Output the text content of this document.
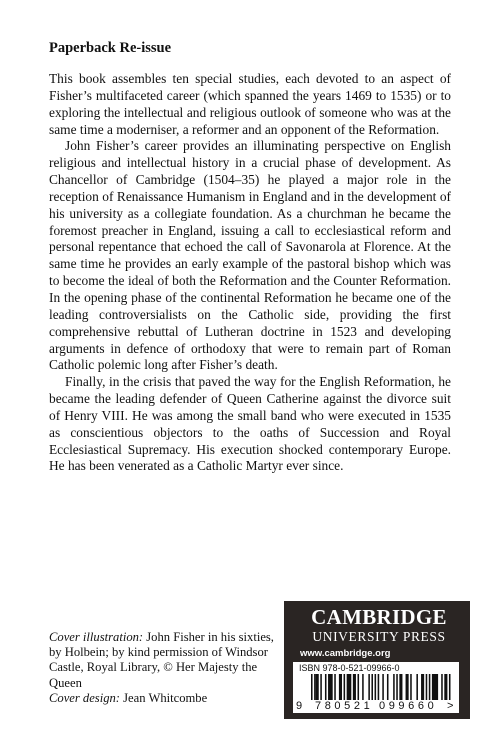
Paperback Re-issue

This book assembles ten special studies, each devoted to an aspect of Fisher’s multifaceted career (which spanned the years 1469 to 1535) or to exploring the intellectual and religious outlook of someone who was at the same time a moderniser, a reformer and an opponent of the Reformation.

John Fisher’s career provides an illuminating perspective on English religious and intellectual history in a crucial phase of development. As Chancellor of Cambridge (1504–35) he played a major role in the reception of Renaissance Humanism in England and in the development of his university as a collegiate foundation. As a churchman he became the foremost preacher in England, issuing a call to ecclesiastical reform and personal repentance that echoed the call of Savonarola at Florence. At the same time he provides an early example of the pastoral bishop which was to become the ideal of both the Reformation and the Counter Reformation. In the opening phase of the continental Reformation he became one of the leading controversialists on the Catholic side, providing the first comprehensive rebuttal of Lutheran doctrine in 1523 and developing arguments in defence of orthodoxy that were to remain part of Roman Catholic polemic long after Fisher’s death.

Finally, in the crisis that paved the way for the English Reformation, he became the leading defender of Queen Catherine against the divorce suit of Henry VIII. He was among the small band who were executed in 1535 as conscientious objectors to the oaths of Succession and Royal Ecclesiastical Supremacy. His execution shocked contemporary Europe. He has been venerated as a Catholic Martyr ever since.

Cover illustration: John Fisher in his sixties, by Holbein; by kind permission of Windsor Castle, Royal Library, © Her Majesty the Queen

Cover design: Jean Whitcombe

CAMBRIDGE
UNIVERSITY PRESS
www.cambridge.org
ISBN 978-0-521-09966-0
9 780521 099660 >
